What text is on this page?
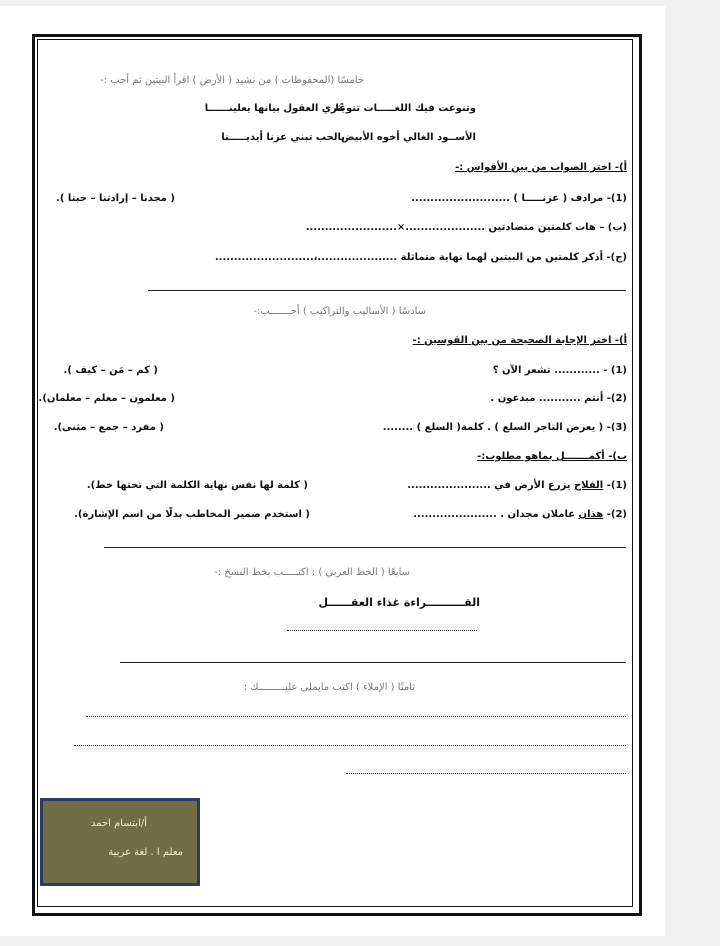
خامسًا (المحفوظات ) من نشيد ( الأرض ) اقرأ البيتين ثم أجب :-
وتنوعت فيك اللغـــــات تنوعًا
يثري العقول بيانها يعلينــــــا
الأســود الغالي أخوه الأبيض
بالحب تبني عزنا أيديـــــنا
أ)- اختر الصواب من بين الأقواس :-
(1)- مرادف ( عزنـــــا ) ..........................
( مجدنا – إرادتنا – حبنا ).
(ب) – هات كلمتين متضادتين .....................×........................
(ج)- أذكر كلمتين من البيتين لهما نهاية متماثلة .....................،..........................
سادسًا ( الأساليب والتراكيب ) أجـــــــب:-
أ)- اختر الإجابة الصحيحة من بين القوسين :-
(1) - ............ تشعر الآن ؟
( كم – مَن – كيف ).
(2)- أنتم ........... مبدعون .
( معلمون – معلم – معلمان).
(3)- ( يعرض التاجر السلع ) . كلمة( السلع ) ........
( مفرد – جمع – مثنى).
ب)- أكمـــــــل بماهو مطلوب:-
(1)- الفلاح يزرع الأرض في ......................
( كلمة لها نفس نهاية الكلمة التي تحتها خط).
(2)- هذان عاملان مجدان . ......................
( استخدم ضمير المخاطب بدلًا من اسم الإشارة).
سابعًا ( الخط العربي ) : اكتـــــب بخط النسخ :-
القــــــــــراءة غذاء العقــــــل
ثامنًا ( الإملاء ) اكتب مايملى عليـــــــــك :
أ/ابتسام احمد
معلم ا . لغة عربية
